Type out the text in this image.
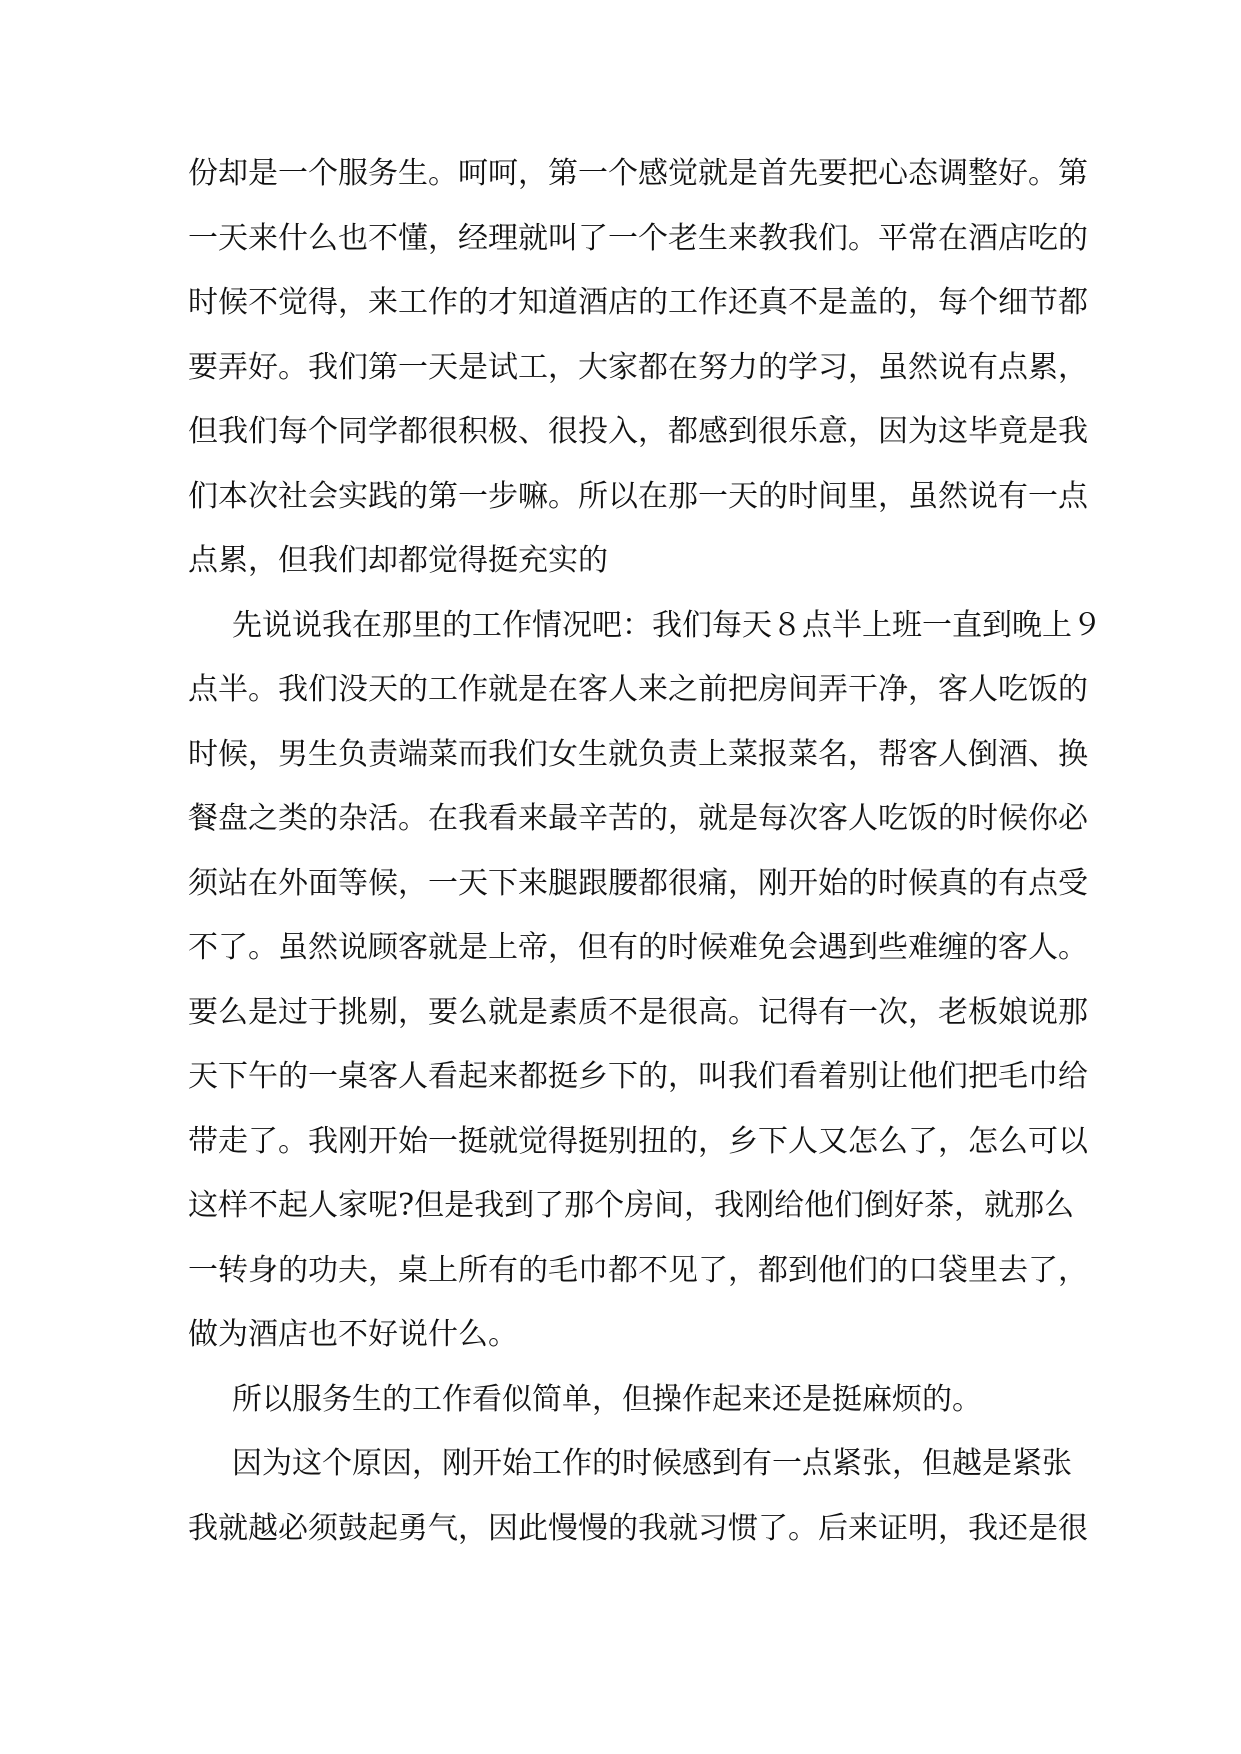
份却是一个服务生。呵呵，第一个感觉就是首先要把心态调整好。第
一天来什么也不懂，经理就叫了一个老生来教我们。平常在酒店吃的
时候不觉得，来工作的才知道酒店的工作还真不是盖的，每个细节都
要弄好。我们第一天是试工，大家都在努力的学习，虽然说有点累，
但我们每个同学都很积极、很投入，都感到很乐意，因为这毕竟是我
们本次社会实践的第一步嘛。所以在那一天的时间里，虽然说有一点
点累，但我们却都觉得挺充实的
先说说我在那里的工作情况吧：我们每天８点半上班一直到晚上９
点半。我们没天的工作就是在客人来之前把房间弄干净，客人吃饭的
时候，男生负责端菜而我们女生就负责上菜报菜名，帮客人倒酒、换
餐盘之类的杂活。在我看来最辛苦的，就是每次客人吃饭的时候你必
须站在外面等候，一天下来腿跟腰都很痛，刚开始的时候真的有点受
不了。虽然说顾客就是上帝，但有的时候难免会遇到些难缠的客人。
要么是过于挑剔，要么就是素质不是很高。记得有一次，老板娘说那
天下午的一桌客人看起来都挺乡下的，叫我们看着别让他们把毛巾给
带走了。我刚开始一挺就觉得挺别扭的，乡下人又怎么了，怎么可以
这样不起人家呢?但是我到了那个房间，我刚给他们倒好茶，就那么
一转身的功夫，桌上所有的毛巾都不见了，都到他们的口袋里去了，
做为酒店也不好说什么。
所以服务生的工作看似简单，但操作起来还是挺麻烦的。
因为这个原因，刚开始工作的时候感到有一点紧张，但越是紧张
我就越必须鼓起勇气，因此慢慢的我就习惯了。后来证明，我还是很
